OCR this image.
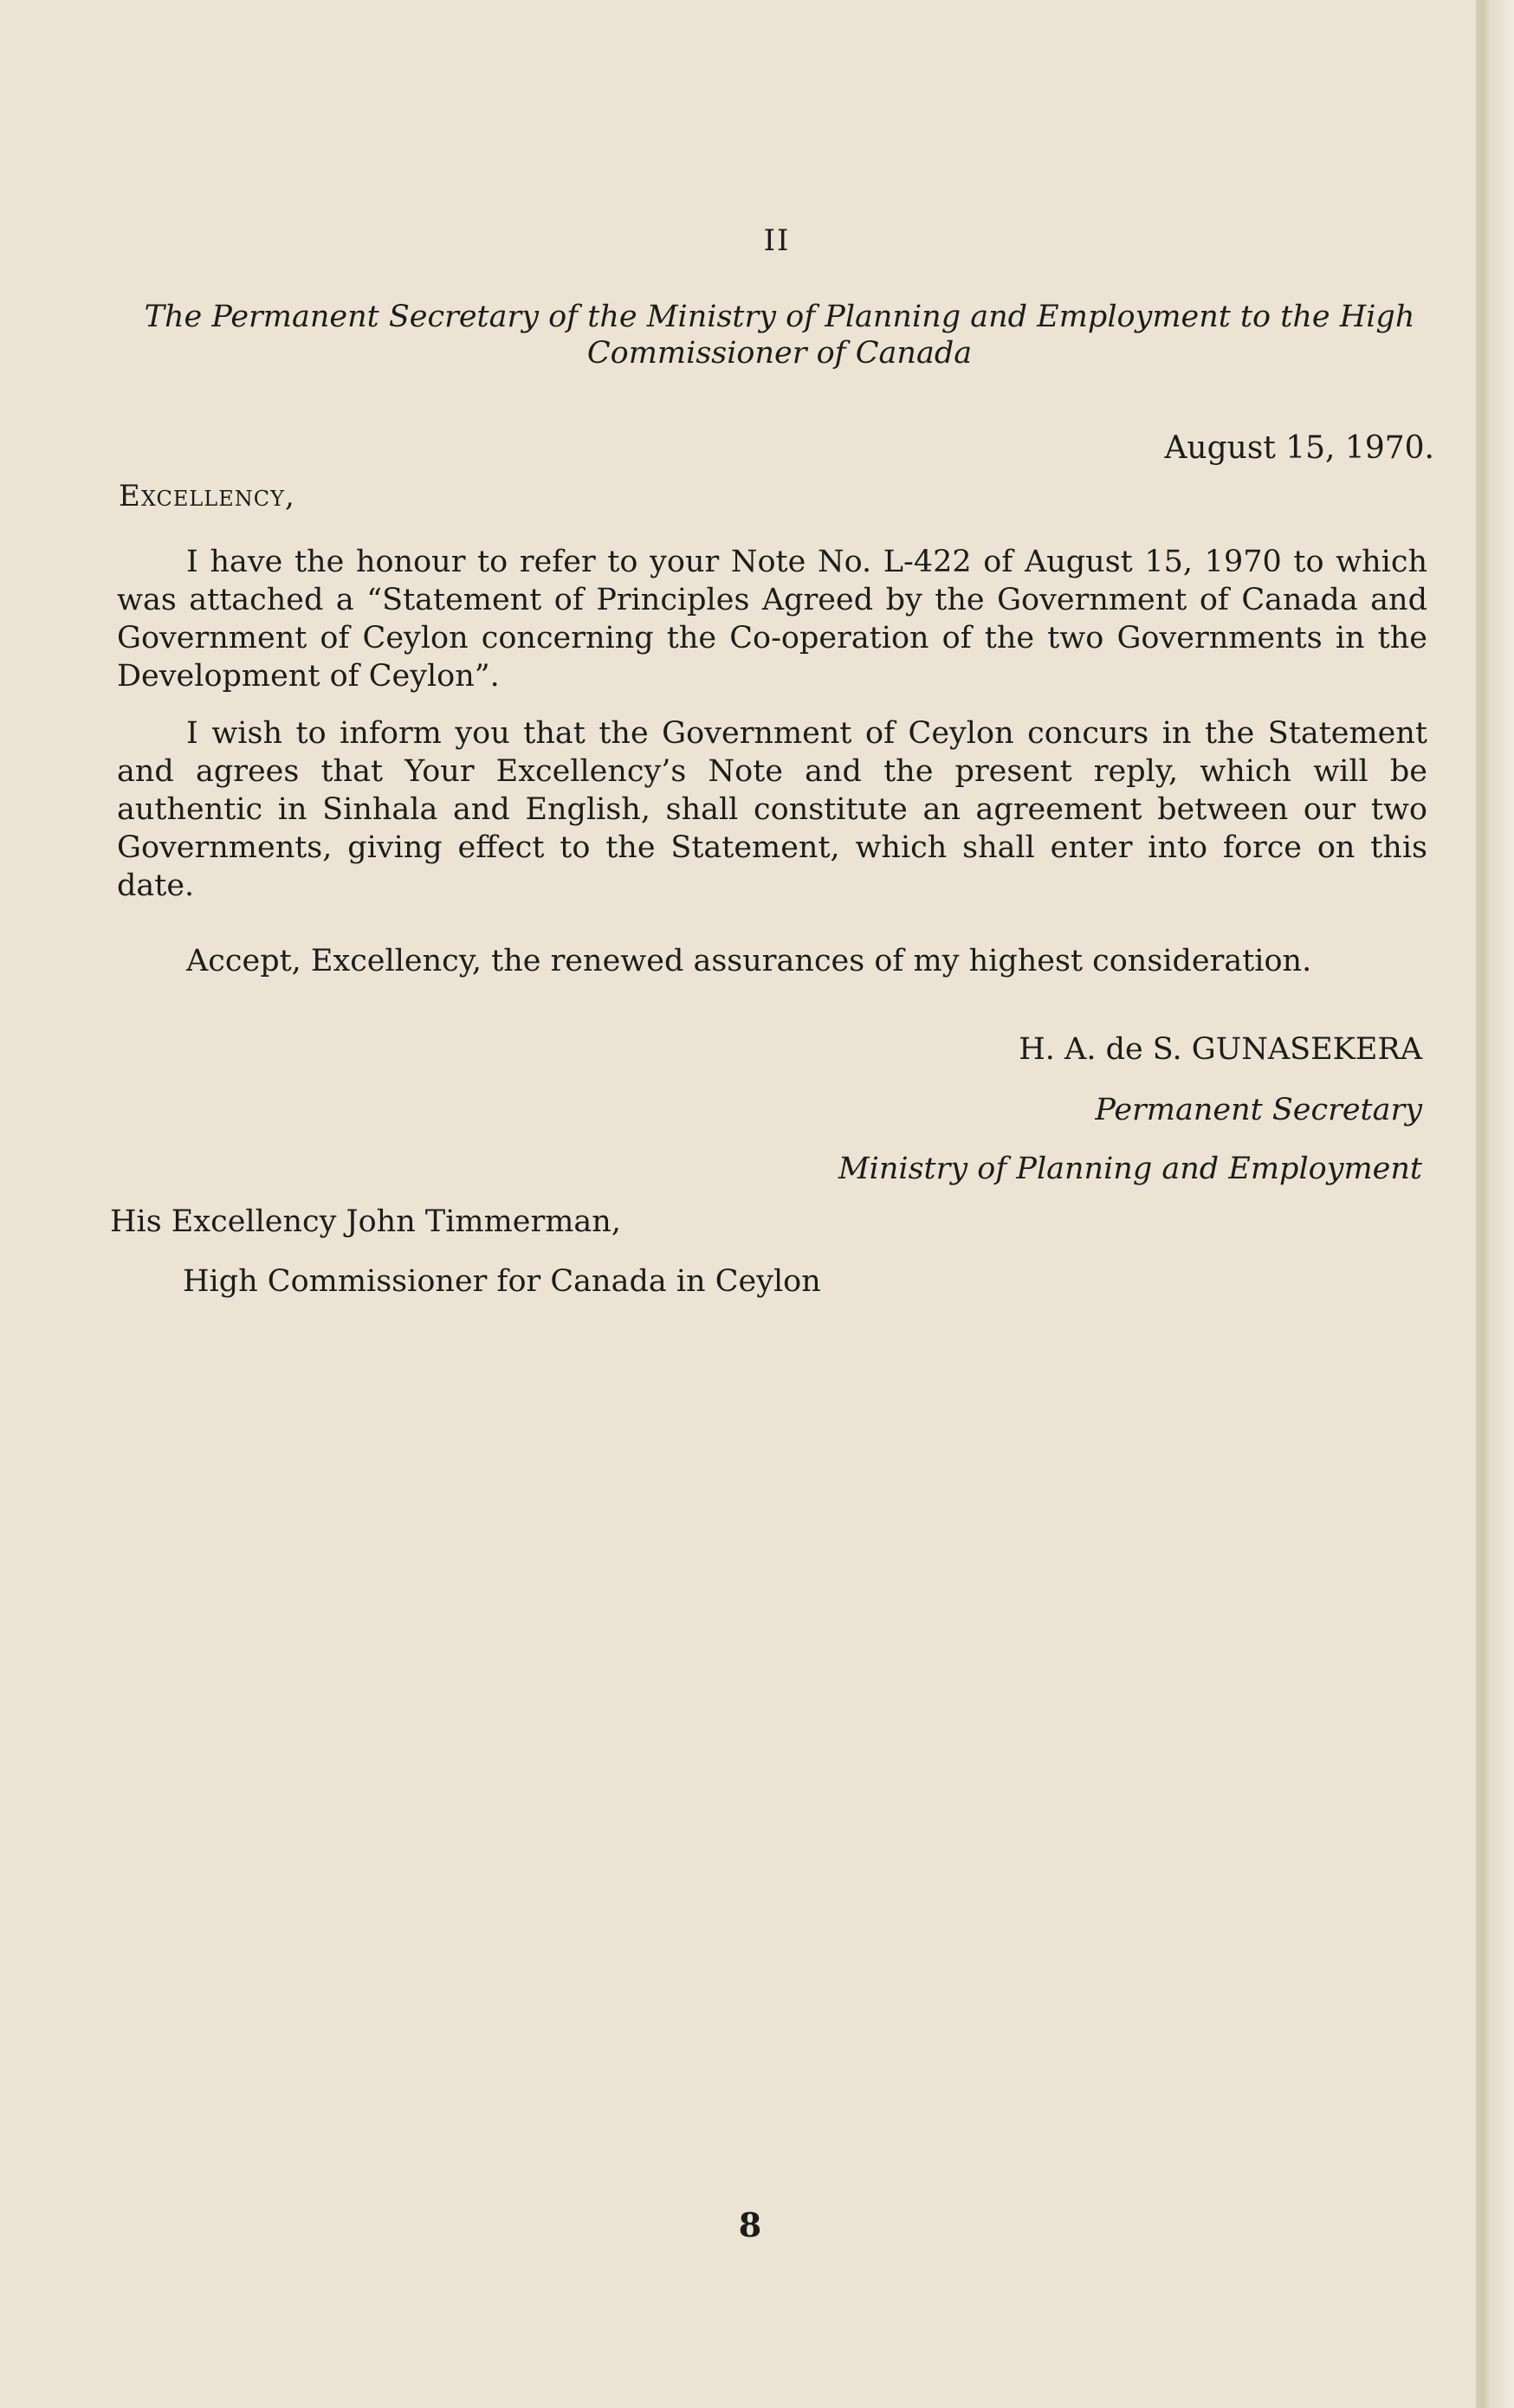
II

The Permanent Secretary of the Ministry of Planning and Employment to the High Commissioner of Canada

August 15, 1970.
Excellency,

I have the honour to refer to your Note No. L-422 of August 15, 1970 to which was attached a “Statement of Principles Agreed by the Government of Canada and Government of Ceylon concerning the Co-operation of the two Governments in the Development of Ceylon”.

I wish to inform you that the Government of Ceylon concurs in the Statement and agrees that Your Excellency’s Note and the present reply, which will be authentic in Sinhala and English, shall constitute an agreement between our two Governments, giving effect to the Statement, which shall enter into force on this date.

Accept, Excellency, the renewed assurances of my highest consideration.
H. A. de S. GUNASEKERA
Permanent Secretary
Ministry of Planning and Employment
His Excellency John Timmerman,
High Commissioner for Canada in Ceylon
8
